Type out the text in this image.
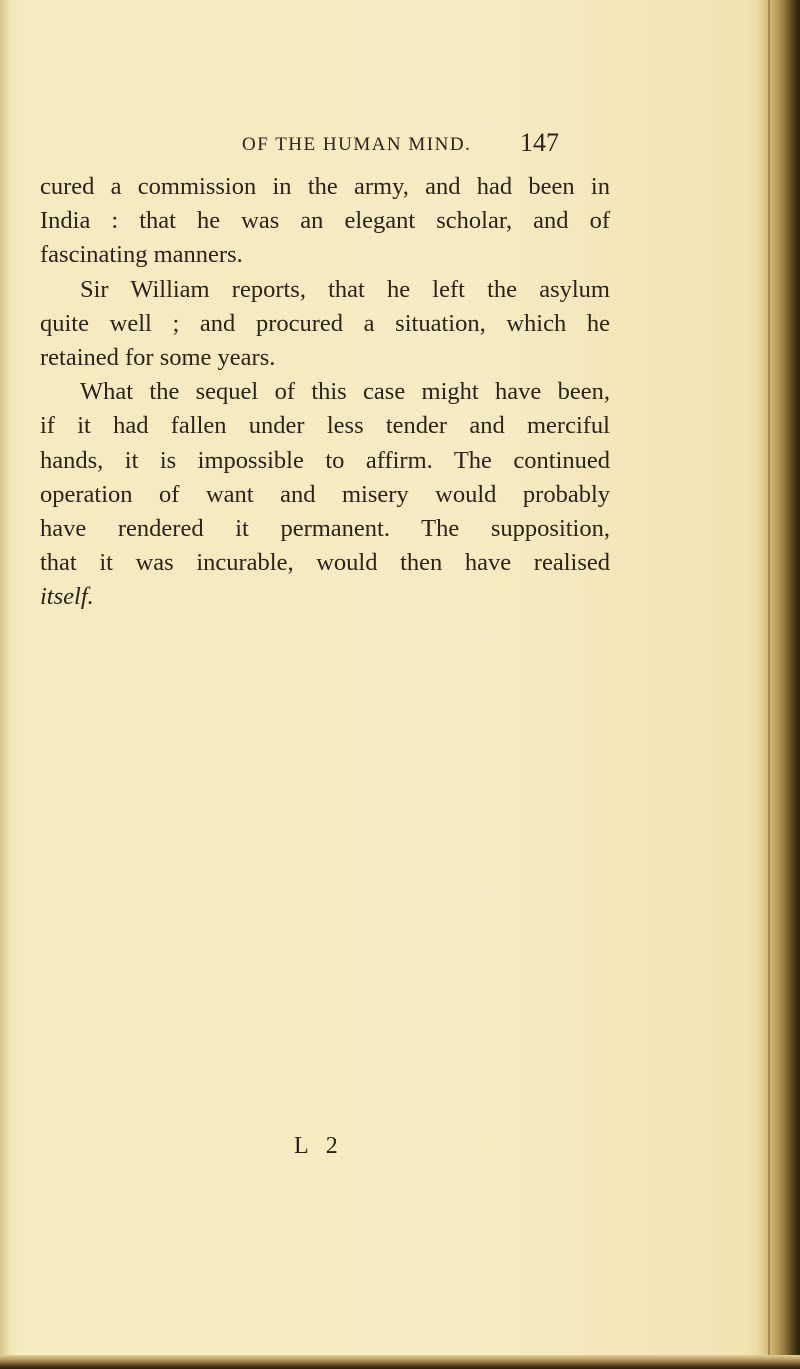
OF THE HUMAN MIND. 147
cured a commission in the army, and had been in
India : that he was an elegant scholar, and of
fascinating manners.
Sir William reports, that he left the asylum
quite well ; and procured a situation, which he
retained for some years.
What the sequel of this case might have been,
if it had fallen under less tender and merciful
hands, it is impossible to affirm. The continued
operation of want and misery would probably
have rendered it permanent. The supposition,
that it was incurable, would then have realised
itself.
L 2
